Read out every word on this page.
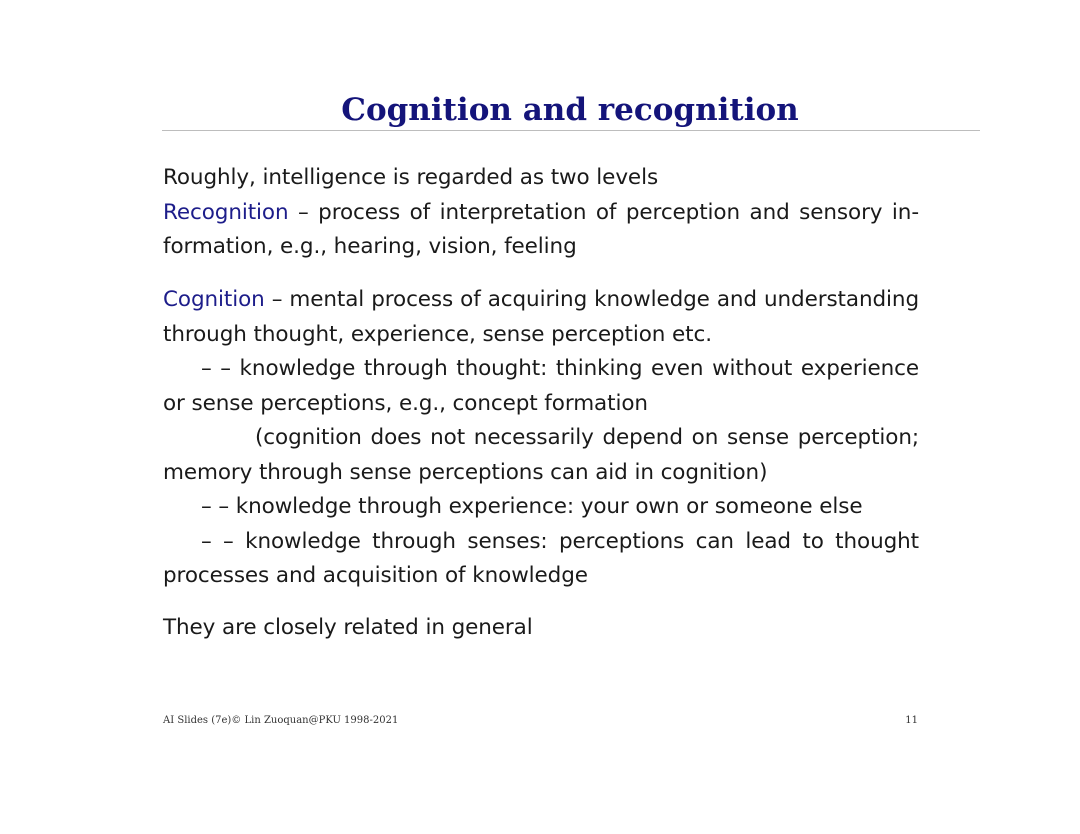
Cognition and recognition
Roughly, intelligence is regarded as two levels
Recognition – process of interpretation of perception and sensory in-
formation, e.g., hearing, vision, feeling
Cognition – mental process of acquiring knowledge and understanding
through thought, experience, sense perception etc.
– – knowledge through thought: thinking even without experience
or sense perceptions, e.g., concept formation
(cognition does not necessarily depend on sense perception;
memory through sense perceptions can aid in cognition)
– – knowledge through experience: your own or someone else
– – knowledge through senses: perceptions can lead to thought
processes and acquisition of knowledge
They are closely related in general
AI Slides (7e)© Lin Zuoquan@PKU 1998-2021	11
